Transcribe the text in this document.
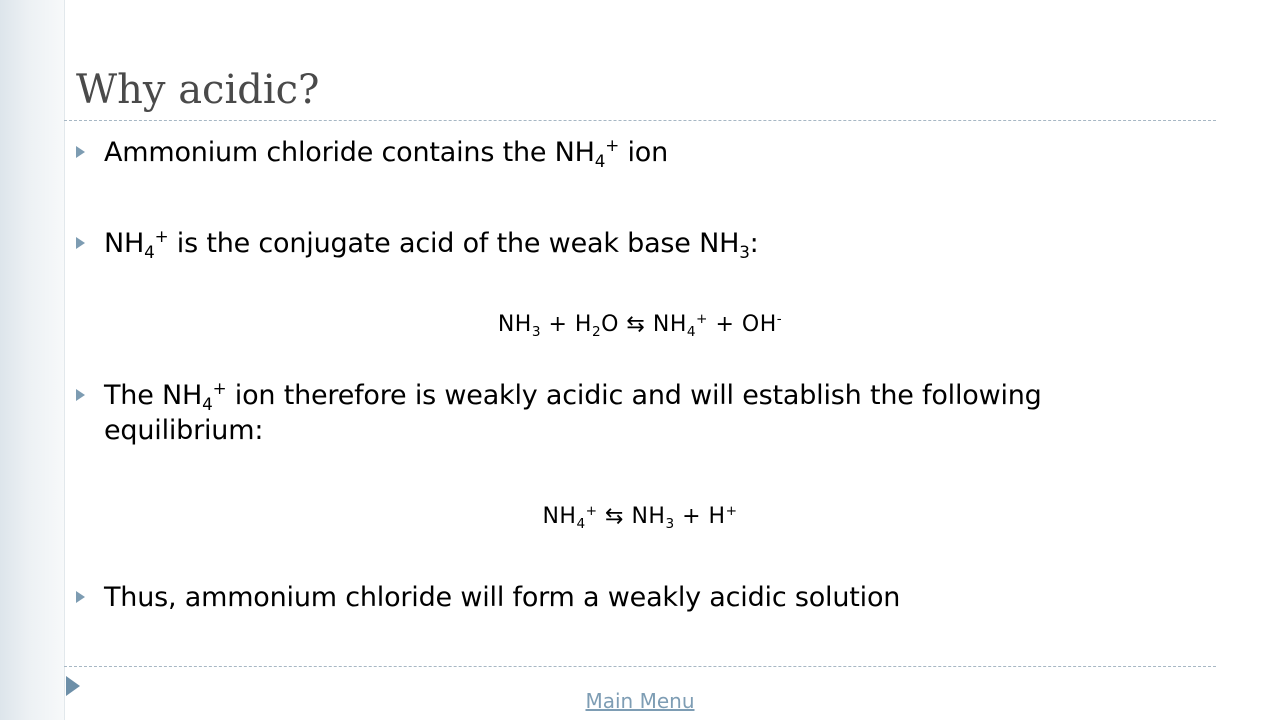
Why acidic?
Ammonium chloride contains the $NH_4^+$ ion
$NH_4^+$ is the conjugate acid of the weak base $NH_3$:
$NH_3 + H_2O$ ⇆ $NH_4^+ + OH^-$
The $NH_4^+$ ion therefore is weakly acidic and will establish the following equilibrium:
$NH_4^+$ ⇆ $NH_3 + H^+$
Thus, ammonium chloride will form a weakly acidic solution
Main Menu
